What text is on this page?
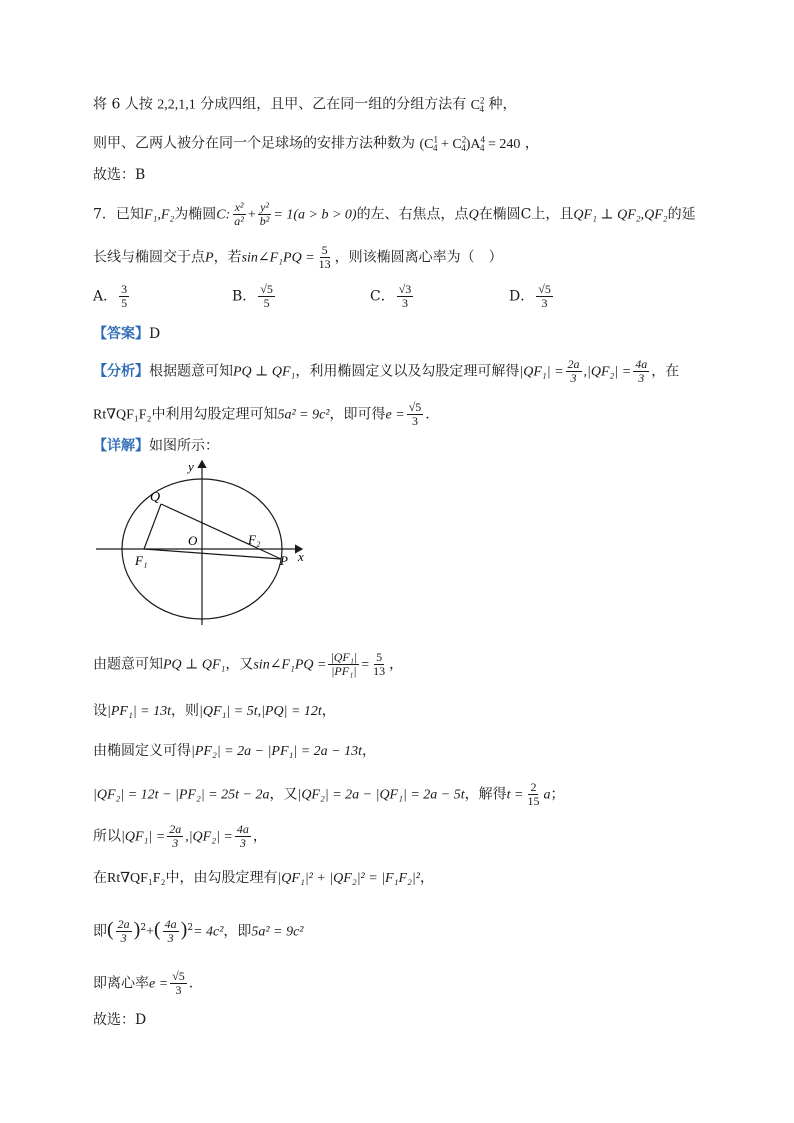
将 6 人按 2,2,1,1 分成四组，且甲、乙在同一组的分组方法有 $C^2_4$ 种，
则甲、乙两人被分在同一个足球场的安排方法种数为 $(C^1_4 + C^2_4)A^4_4 = 240$ ，
故选：B
7．已知F₁,F₂为椭圆C: $\frac{\text{x²}}{\text{a²}} + \frac{\text{y²}}{\text{b²}} = 1(a > b > 0)$的左、右焦点，点Q在椭圆C上，且QF₁ ⊥ QF₂,QF₂的延
长线与椭圆交于点P，若sin∠F₁PQ = $\frac{5}{13}$ ，则该椭圆离心率为（　）
A． $\frac{3}{5}$	B． $\frac{√5}{5}$	C． $\frac{√3}{3}$	D． $\frac{√5}{3}$
【答案】D
【分析】根据题意可知PQ ⊥ QF₁，利用椭圆定义以及勾股定理可解得$|QF_1| = \frac{2a}{3} ,|QF_2| = \frac{4a}{3}$ ，在
Rt∇QF₁F₂中利用勾股定理可知5a² = 9c²，即可得$e = \frac{√5}{3}$ .
【详解】如图所示：
y
x
Q
O
F₁
F₂
P
由题意可知PQ ⊥ QF₁，又sin∠F₁PQ = $\frac{\text{|QF₁|}}{\text{|PF₁|}} = \frac{5}{13}$ ，
设|PF₁| = 13t，则|QF₁| = 5t,|PQ| = 12t，
由椭圆定义可得|PF₂| = 2a − |PF₁| = 2a − 13t，
|QF₂| = 12t − |PF₂| = 25t − 2a，又|QF₂| = 2a − |QF₁| = 2a − 5t，解得$t = \frac{2}{15}$ a；
所以$|QF_1| = \frac{2a}{3} ,|QF_2| = \frac{4a}{3}$ ，
在Rt∇QF₁F₂中，由勾股定理有|QF₁|² + |QF₂|² = |F₁F₂|²，
即( $\frac{2a}{3} )^2+( \frac{4a}{3} )^2= 4c^2$，即5a² = 9c²
即离心率$e = \frac{√5}{3}$ .
故选：D
